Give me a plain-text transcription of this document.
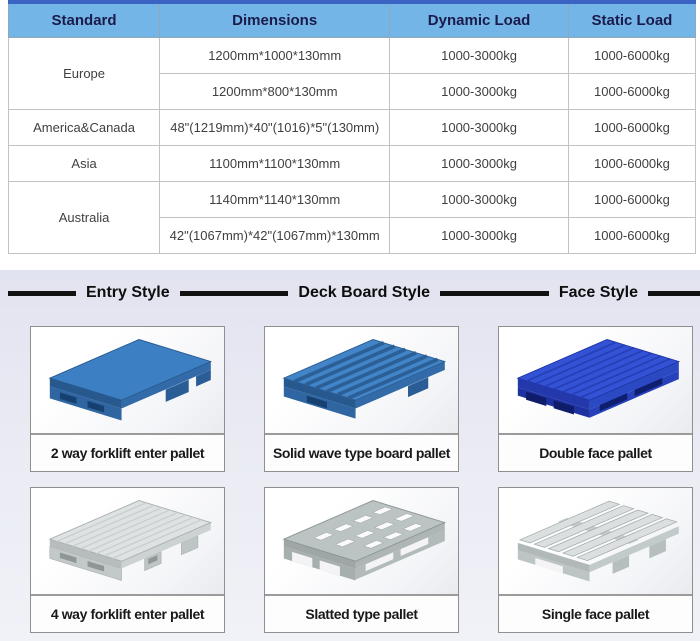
Standard	Dimensions	Dynamic Load	Static Load
Europe	1200mm*1000*130mm	1000-3000kg	1000-6000kg
	1200mm*800*130mm	1000-3000kg	1000-6000kg
America&Canada	48"(1219mm)*40"(1016)*5"(130mm)	1000-3000kg	1000-6000kg
Asia	1100mm*1100*130mm	1000-3000kg	1000-6000kg
Australia	1140mm*1140*130mm	1000-3000kg	1000-6000kg
	42"(1067mm)*42"(1067mm)*130mm	1000-3000kg	1000-6000kg
Entry Style	Deck Board Style	Face Style
2 way forklift enter pallet	Solid wave type board pallet	Double face pallet
4 way forklift enter pallet	Slatted type pallet	Single face pallet
